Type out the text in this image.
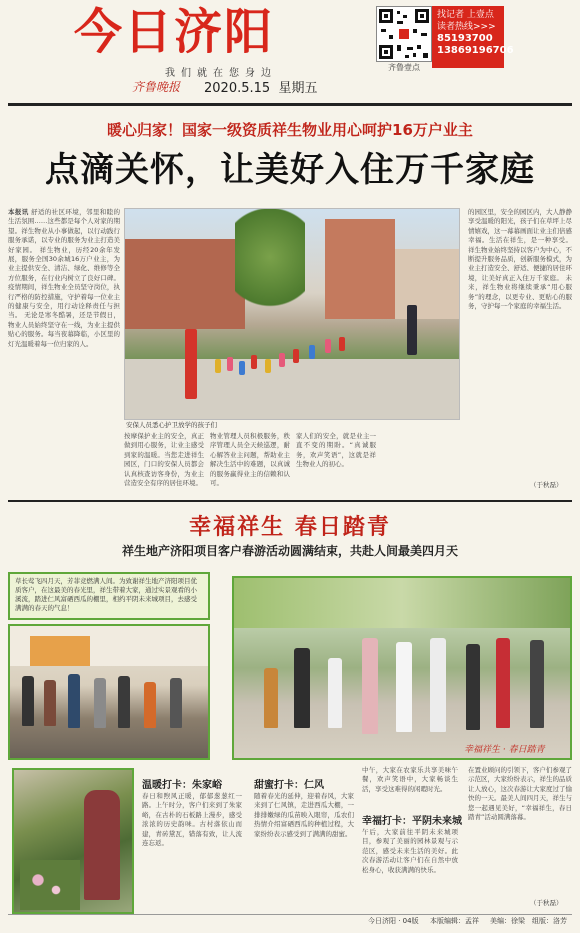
今日济阳
我们就在您身边
齐鲁晚报 2020.5.15 星期五
齐鲁壹点
找记者 上壹点
读者热线>>>
85193700
13869196706
暖心归家！国家一级资质祥生物业用心呵护16万户业主
点滴关怀，让美好入住万千家庭
本报讯 舒适的社区环境，邻里和睦的生活氛围……这些都是每个人对家的期望。祥生物业从小事做起，以行动践行服务承诺，以专业的服务为业主打造美好家园。 祥生物业，历经20余年发展，服务全国30余城16万户业主，为业主提供安全、清洁、绿化、维修等全方位服务，在行业内树立了良好口碑。 疫情期间，祥生物业全员坚守岗位，执行严格的防控措施，守护着每一位业主的健康与安全，用行动诠释责任与担当。 无论是寒冬酷暑，还是节假日，物业人员始终坚守在一线，为业主提供贴心的服务。每当夜幕降临，小区里的灯光温暖着每一位归家的人。
安保人员悉心护卫放学的孩子们
按摩保护业主的安全，真正做到用心服务，让业主感受到家的温暖。当您走进祥生园区，门口的安保人员都会认真核查访客身份，为业主营造安全有序的居住环境。
物业管理人员积极服务，秩序管理人员全天候巡逻，耐心解答业主问题，帮助业主解决生活中的难题，以真诚的服务赢得业主的信赖和认可。
家人们的安全，就是业主一直不变的期盼。“真诚服务，欢声笑语”，这就是祥生物业人的初心。
的园区里，安全的园区内，大人静静享受温暖的阳光，孩子们在草坪上尽情嬉戏，这一幕幕画面让业主们倍感幸福。生活在祥生，是一种享受。 祥生物业始终坚持以客户为中心，不断提升服务品质，创新服务模式，为业主打造安全、舒适、便捷的居住环境，让美好真正入住万千家庭。 未来，祥生物业将继续秉承“用心服务”的理念，以更专业、更贴心的服务，守护每一个家庭的幸福生活。
（于秋磊）
幸福祥生 春日踏青
祥生地产济阳项目客户春游活动圆满结束，共赴人间最美四月天
草长莺飞四月天，芳菲竞燃满人间。为致谢祥生地产济阳项目优质客户，在这最美的春光里，祥生带着大家，通过实景观看的小溪流，踏进仁风富硒西瓜的棚里，相约平阴未来城项目，去感受满满的春天的气息！
幸福祥生 · 春日踏青
温暖打卡：朱家峪
春日和煦风正暖，郁郁葱葱红一路。上午时分，客户们来到了朱家峪，在古朴的石板路上漫步，感受浓浓的历史韵味。古村落依山而建，青砖黛瓦，错落有致，让人流连忘返。
甜蜜打卡：仁风
随着春光的延伸，迎着春风，大家来到了仁风镇，走进西瓜大棚，一排排嫩绿的瓜苗映入眼帘，瓜农们热情介绍富硒西瓜的种植过程，大家纷纷表示感受到了满满的甜蜜。
中午，大家在农家乐共享美味午餐，欢声笑语中，大家畅谈生活，享受这难得的闲暇时光。
幸福打卡：平阴未来城
午后，大家前往平阴未来城项目，参观了美丽的园林景观与示范区，感受未来生活的美好。此次春游活动让客户们在自然中放松身心，收获满满的快乐。
在置业顾问的引领下，客户们参观了示范区，大家纷纷表示，祥生的品质让人放心，这次春游让大家度过了愉快的一天。最美人间四月天，祥生与您一起遇见美好，“幸福祥生，春日踏青”活动圆满落幕。
（于秋磊）
今日济阳 · 04版 本版编辑：孟祥 美编：徐梁 组版：洛芳
